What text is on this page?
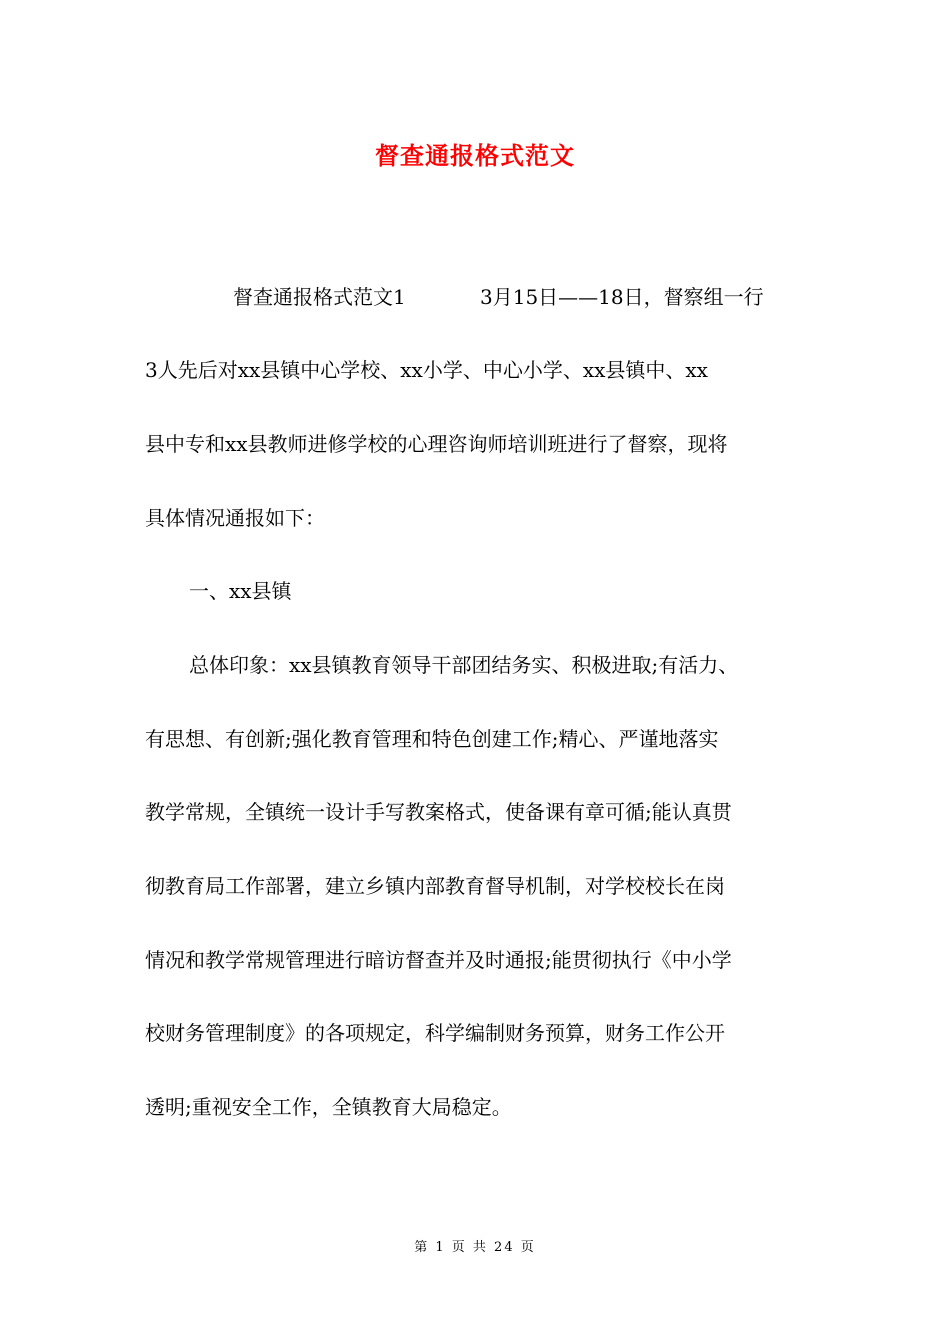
督查通报格式范文
督查通报格式范文1	3月15日——18日，督察组一行
3人先后对xx县镇中心学校、xx小学、中心小学、xx县镇中、xx
县中专和xx县教师进修学校的心理咨询师培训班进行了督察，现将
具体情况通报如下：
一、xx县镇
总体印象：xx县镇教育领导干部团结务实、积极进取;有活力、
有思想、有创新;强化教育管理和特色创建工作;精心、严谨地落实
教学常规，全镇统一设计手写教案格式，使备课有章可循;能认真贯
彻教育局工作部署，建立乡镇内部教育督导机制，对学校校长在岗
情况和教学常规管理进行暗访督查并及时通报;能贯彻执行《中小学
校财务管理制度》的各项规定，科学编制财务预算，财务工作公开
透明;重视安全工作，全镇教育大局稳定。
第 1 页 共 24 页
